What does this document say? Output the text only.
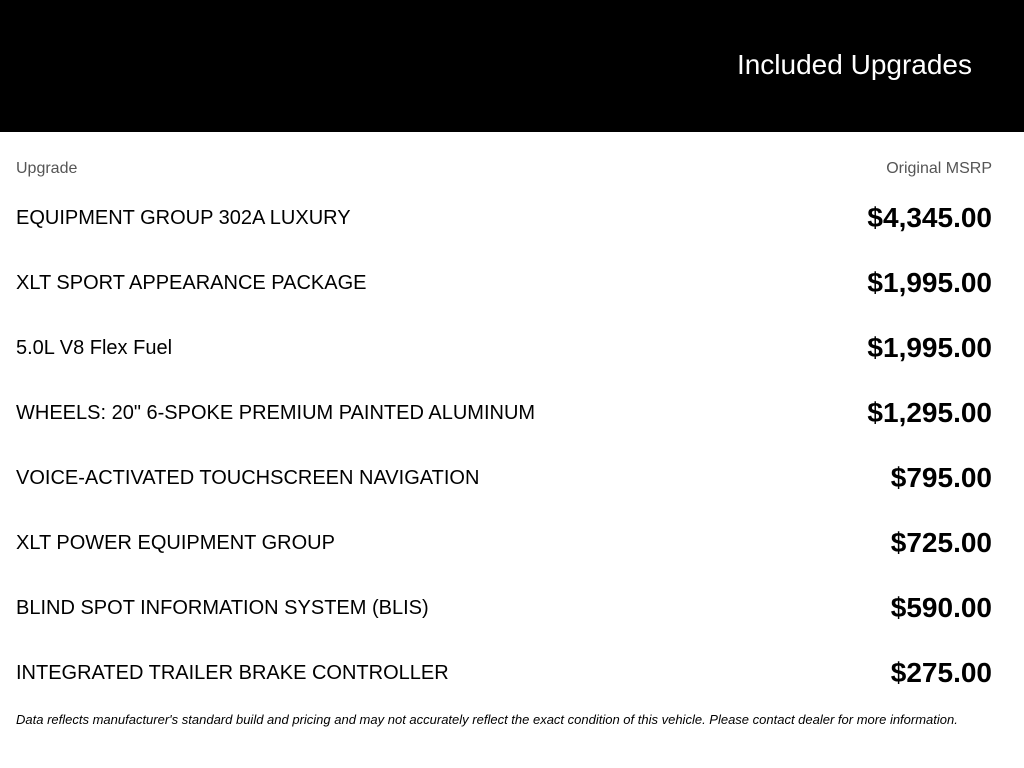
Included Upgrades
Upgrade	Original MSRP
EQUIPMENT GROUP 302A LUXURY	$4,345.00
XLT SPORT APPEARANCE PACKAGE	$1,995.00
5.0L V8 Flex Fuel	$1,995.00
WHEELS: 20" 6-SPOKE PREMIUM PAINTED ALUMINUM	$1,295.00
VOICE-ACTIVATED TOUCHSCREEN NAVIGATION	$795.00
XLT POWER EQUIPMENT GROUP	$725.00
BLIND SPOT INFORMATION SYSTEM (BLIS)	$590.00
INTEGRATED TRAILER BRAKE CONTROLLER	$275.00
Data reflects manufacturer's standard build and pricing and may not accurately reflect the exact condition of this vehicle. Please contact dealer for more information.
